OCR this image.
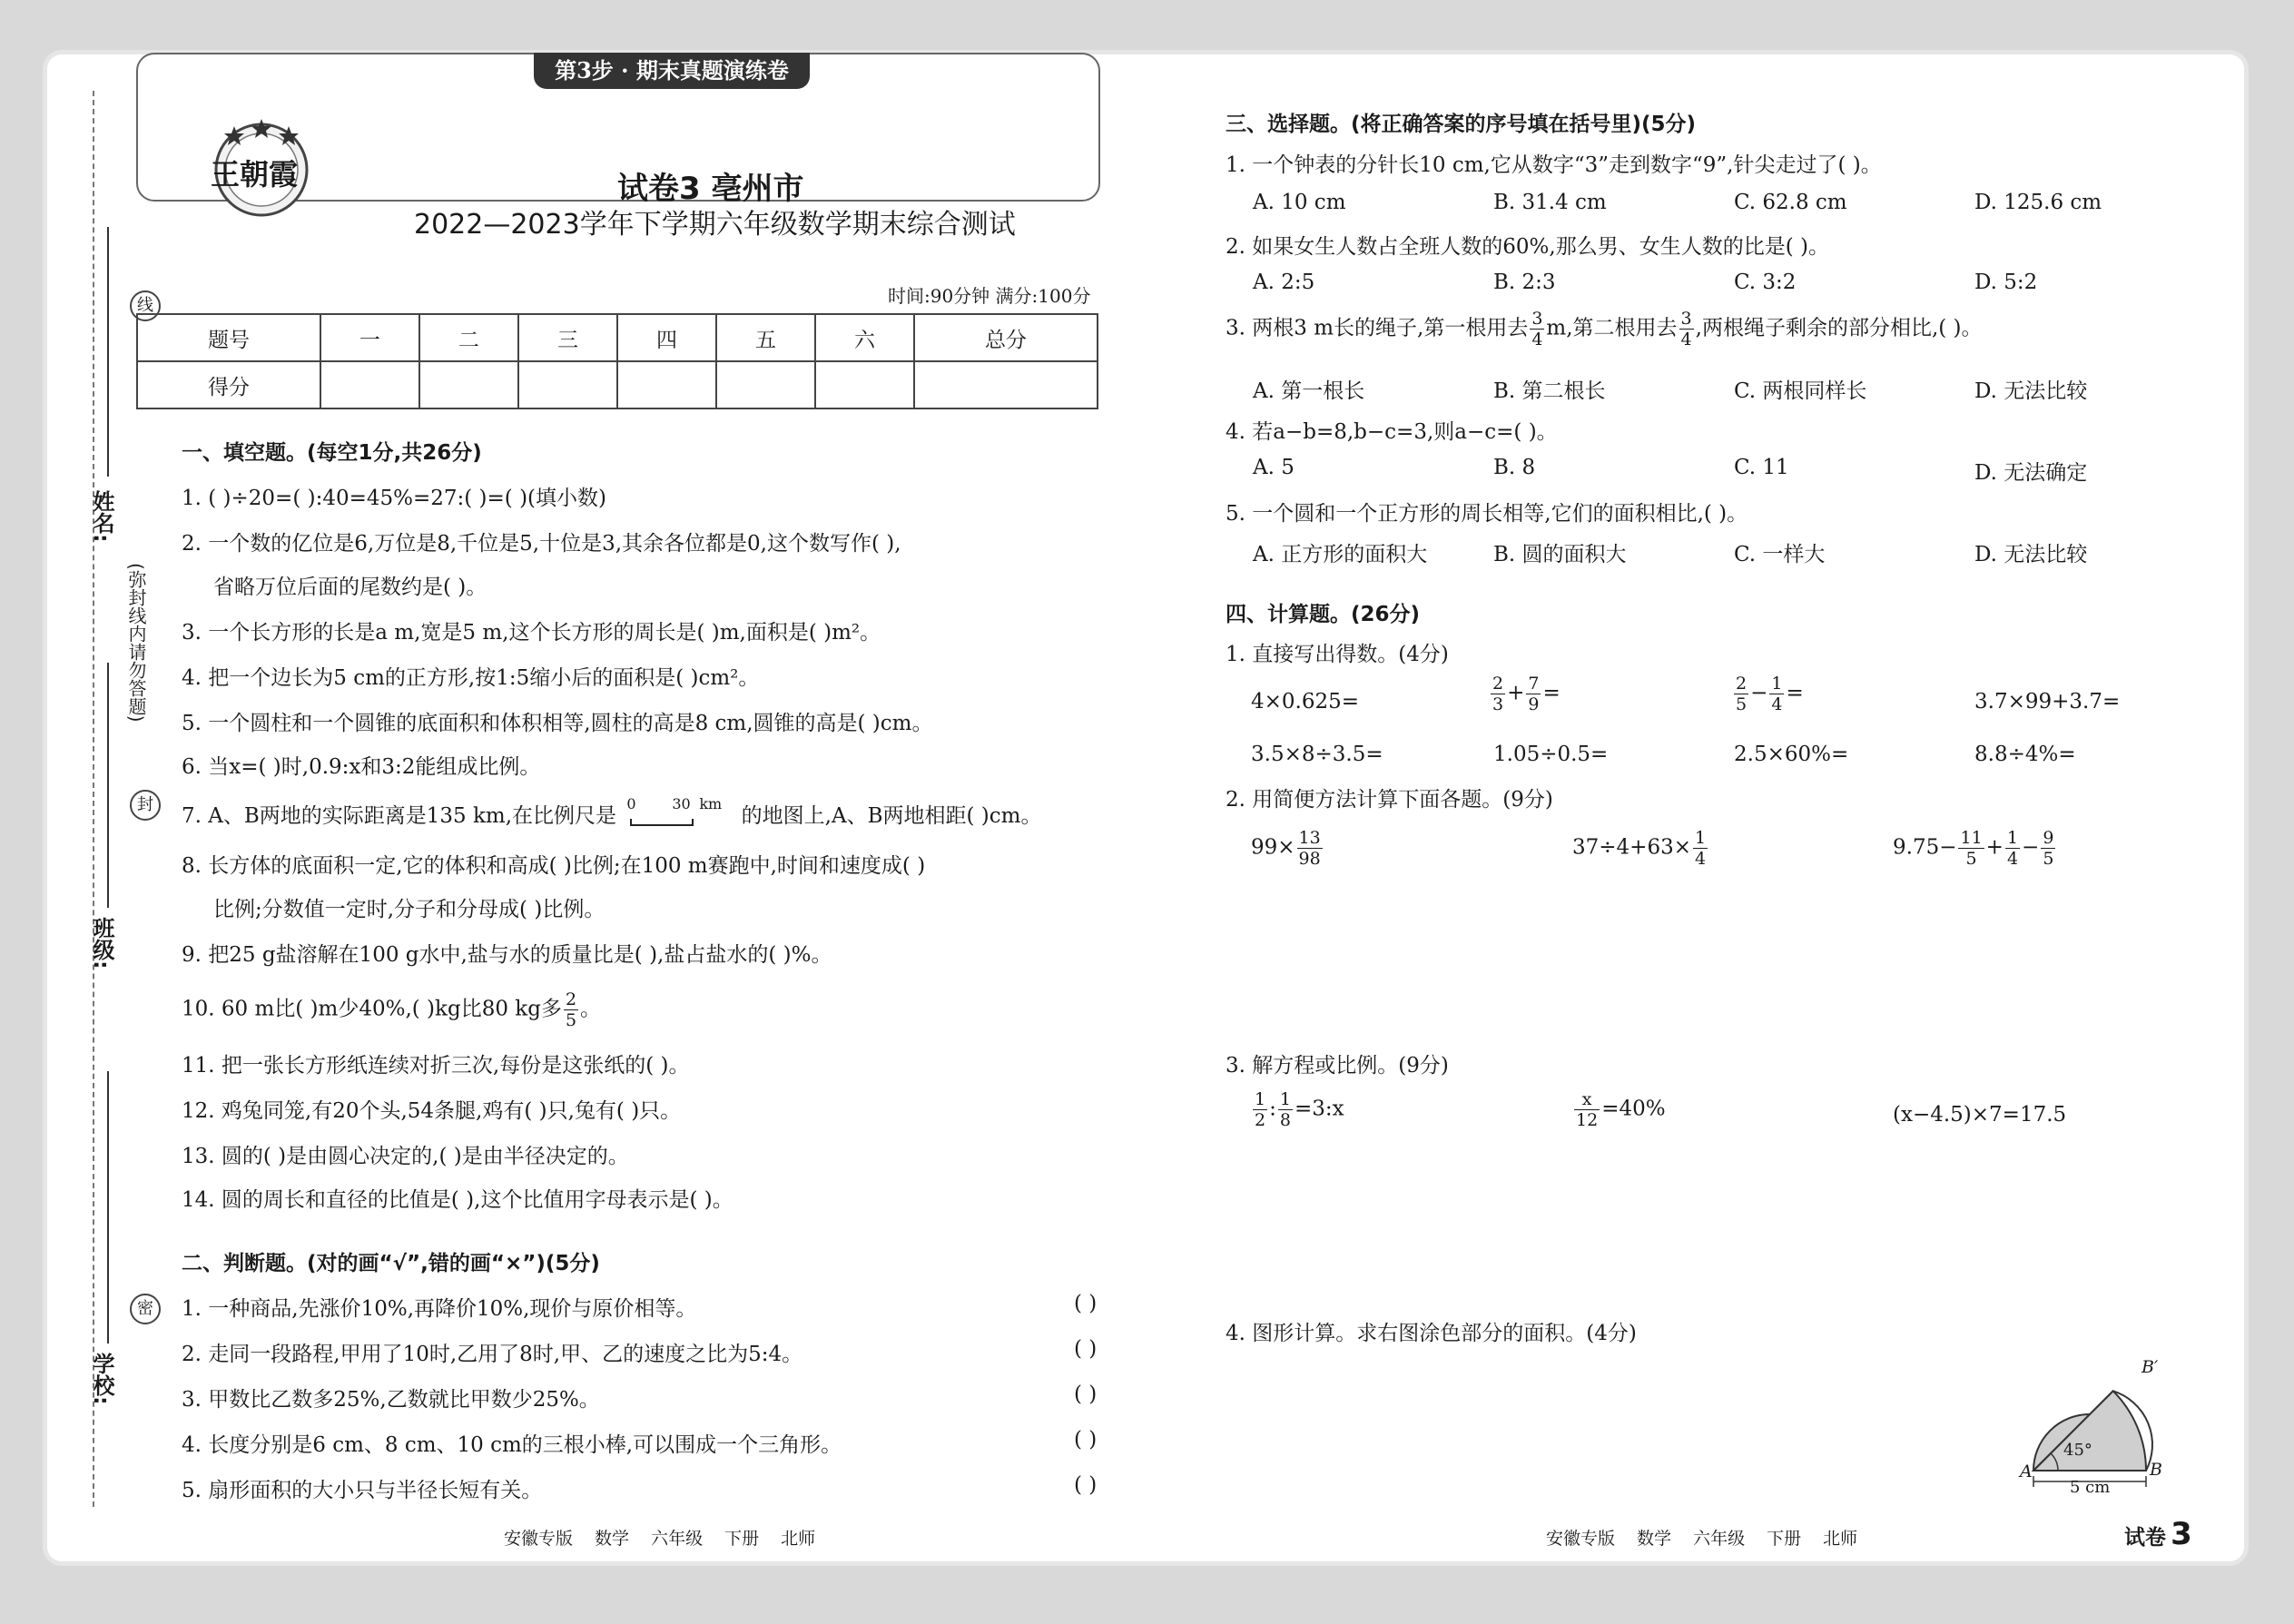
线
封
密
(弥封线内请勿答题)
姓名:
班级:
学校:
王朝霞
第3步 · 期末真题演练卷
试卷3 亳州市
2022—2023学年下学期六年级数学期末综合测试
时间:90分钟 满分:100分
题号	一	二	三	四	五	六	总分
得分							
一、填空题。(每空1分,共26分)
1. ( )÷20=( ):40=45%=27:( )=( )(填小数)
2. 一个数的亿位是6,万位是8,千位是5,十位是3,其余各位都是0,这个数写作( ),
省略万位后面的尾数约是( )。
3. 一个长方形的长是a m,宽是5 m,这个长方形的周长是( )m,面积是( )m²。
4. 把一个边长为5 cm的正方形,按1:5缩小后的面积是( )cm²。
5. 一个圆柱和一个圆锥的底面积和体积相等,圆柱的高是8 cm,圆锥的高是( )cm。
6. 当x=( )时,0.9:x和3:2能组成比例。
7. A、B两地的实际距离是135 km,在比例尺是
0 30 km
的地图上,A、B两地相距( )cm。
8. 长方体的底面积一定,它的体积和高成( )比例;在100 m赛跑中,时间和速度成( )
比例;分数值一定时,分子和分母成( )比例。
9. 把25 g盐溶解在100 g水中,盐与水的质量比是( ),盐占盐水的( )%。
10. 60 m比( )m少40%,( )kg比80 kg多 $\frac{2}{5}$ 。
11. 把一张长方形纸连续对折三次,每份是这张纸的( )。
12. 鸡兔同笼,有20个头,54条腿,鸡有( )只,兔有( )只。
13. 圆的( )是由圆心决定的,( )是由半径决定的。
14. 圆的周长和直径的比值是( ),这个比值用字母表示是( )。
二、判断题。(对的画“√”,错的画“×”)(5分)
1. 一种商品,先涨价10%,再降价10%,现价与原价相等。
2. 走同一段路程,甲用了10时,乙用了8时,甲、乙的速度之比为5:4。
3. 甲数比乙数多25%,乙数就比甲数少25%。
4. 长度分别是6 cm、8 cm、10 cm的三根小棒,可以围成一个三角形。
5. 扇形面积的大小只与半径长短有关。
( )
( )
( )
( )
( )
三、选择题。(将正确答案的序号填在括号里)(5分)
1. 一个钟表的分针长10 cm,它从数字“3”走到数字“9”,针尖走过了( )。
A. 10 cm	B. 31.4 cm	C. 62.8 cm	D. 125.6 cm
2. 如果女生人数占全班人数的60%,那么男、女生人数的比是( )。
A. 2:5	B. 2:3	C. 3:2	D. 5:2
3. 两根3 m长的绳子,第一根用去 $\frac{3}{4} m$,第二根用去 $\frac{3}{4}$ ,两根绳子剩余的部分相比,( )。
A. 第一根长	B. 第二根长	C. 两根同样长	D. 无法比较
4. 若a−b=8,b−c=3,则a−c=( )。
A. 5	B. 8	C. 11	D. 无法确定
5. 一个圆和一个正方形的周长相等,它们的面积相比,( )。
A. 正方形的面积大	B. 圆的面积大	C. 一样大	D. 无法比较
四、计算题。(26分)
1. 直接写出得数。(4分)
4×0.625=	$\frac{2}{3} + \frac{7}{9}$ =	$\frac{2}{5} - \frac{1}{4}$ =	3.7×99+3.7=
3.5×8÷3.5=	1.05÷0.5=	2.5×60%=	8.8÷4%=
2. 用简便方法计算下面各题。(9分)
$99\times \frac{13}{98}$	$37\div 4+63\times \frac{1}{4}$	$9.75- \frac{11}{5} + \frac{1}{4} - \frac{9}{5}$
3. 解方程或比例。(9分)
$\frac{1}{2}$ : $\frac{1}{8}$ =3:x	$\frac{x}{12} =40\%$	(x−4.5)×7=17.5
4. 图形计算。求右图涂色部分的面积。(4分)
B′
45°
A	B
5 cm
安徽专版 数学 六年级 下册 北师	安徽专版 数学 六年级 下册 北师	试卷 3
